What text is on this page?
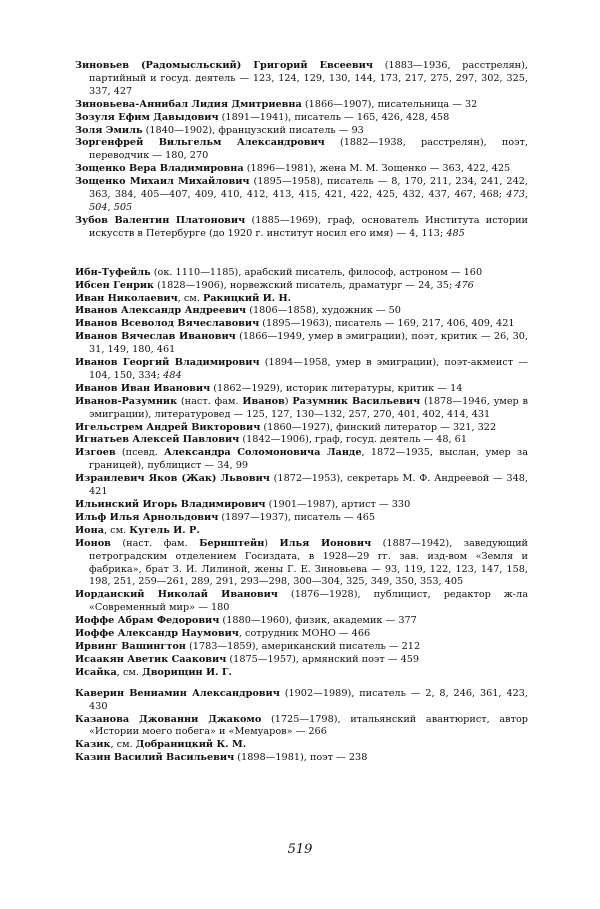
Зиновьев (Радомысльский) Григорий Евсеевич (1883—1936, расстрелян), партийный и госуд. деятель — 123, 124, 129, 130, 144, 173, 217, 275, 297, 302, 325, 337, 427

Зиновьева-Аннибал Лидия Дмитриевна (1866—1907), писательница — 32

Зозуля Ефим Давыдович (1891—1941), писатель — 165, 426, 428, 458

Золя Эмиль (1840—1902), французский писатель — 93

Зоргенфрей Вильгельм Александрович (1882—1938, расстрелян), поэт, переводчик — 180, 270

Зощенко Вера Владимировна (1896—1981), жена М. М. Зощенко — 363, 422, 425

Зощенко Михаил Михайлович (1895—1958), писатель — 8, 170, 211, 234, 241, 242, 363, 384, 405—407, 409, 410, 412, 413, 415, 421, 422, 425, 432, 437, 467, 468; 473, 504, 505

Зубов Валентин Платонович (1885—1969), граф, основатель Института истории искусств в Петербурге (до 1920 г. институт носил его имя) — 4, 113; 485

Ибн-Туфейль (ок. 1110—1185), арабский писатель, философ, астроном — 160

Ибсен Генрик (1828—1906), норвежский писатель, драматург — 24, 35; 476

Иван Николаевич, см. Ракицкий И. Н.

Иванов Александр Андреевич (1806—1858), художник — 50

Иванов Всеволод Вячеславович (1895—1963), писатель — 169, 217, 406, 409, 421

Иванов Вячеслав Иванович (1866—1949, умер в эмиграции), поэт, критик — 26, 30, 31, 149, 180, 461

Иванов Георгий Владимирович (1894—1958, умер в эмиграции), поэт-акмеист — 104, 150, 334; 484

Иванов Иван Иванович (1862—1929), историк литературы, критик — 14

Иванов-Разумник (наст. фам. Иванов) Разумник Васильевич (1878—1946, умер в эмиграции), литературовед — 125, 127, 130—132, 257, 270, 401, 402, 414, 431

Игельстрем Андрей Викторович (1860—1927), финский литератор — 321, 322

Игнатьев Алексей Павлович (1842—1906), граф, госуд. деятель — 48, 61

Изгоев (псевд. Александра Соломоновича Ланде, 1872—1935, выслан, умер за границей), публицист — 34, 99

Израилевич Яков (Жак) Львович (1872—1953), секретарь М. Ф. Андреевой — 348, 421

Ильинский Игорь Владимирович (1901—1987), артист — 330

Ильф Илья Арнольдович (1897—1937), писатель — 465

Иона, см. Кугель И. Р.

Ионов (наст. фам. Бернштейн) Илья Ионович (1887—1942), заведующий петроградским отделением Госиздата, в 1928—29 гг. зав. изд-вом «Земля и фабрика», брат З. И. Лилиной, жены Г. Е. Зиновьева — 93, 119, 122, 123, 147, 158, 198, 251, 259—261, 289, 291, 293—298, 300—304, 325, 349, 350, 353, 405

Иорданский Николай Иванович (1876—1928), публицист, редактор ж-ла «Современный мир» — 180

Иоффе Абрам Федорович (1880—1960), физик, академик — 377

Иоффе Александр Наумович, сотрудник МОНО — 466

Ирвинг Вашингтон (1783—1859), американский писатель — 212

Исаакян Аветик Саакович (1875—1957), армянский поэт — 459

Исайка, см. Дворищин И. Г.

Каверин Вениамин Александрович (1902—1989), писатель — 2, 8, 246, 361, 423, 430

Казанова Джованни Джакомо (1725—1798), итальянский авантюрист, автор «Истории моего побега» и «Мемуаров» — 266

Казик, см. Добраницкий К. М.

Казин Василий Васильевич (1898—1981), поэт — 238

519
